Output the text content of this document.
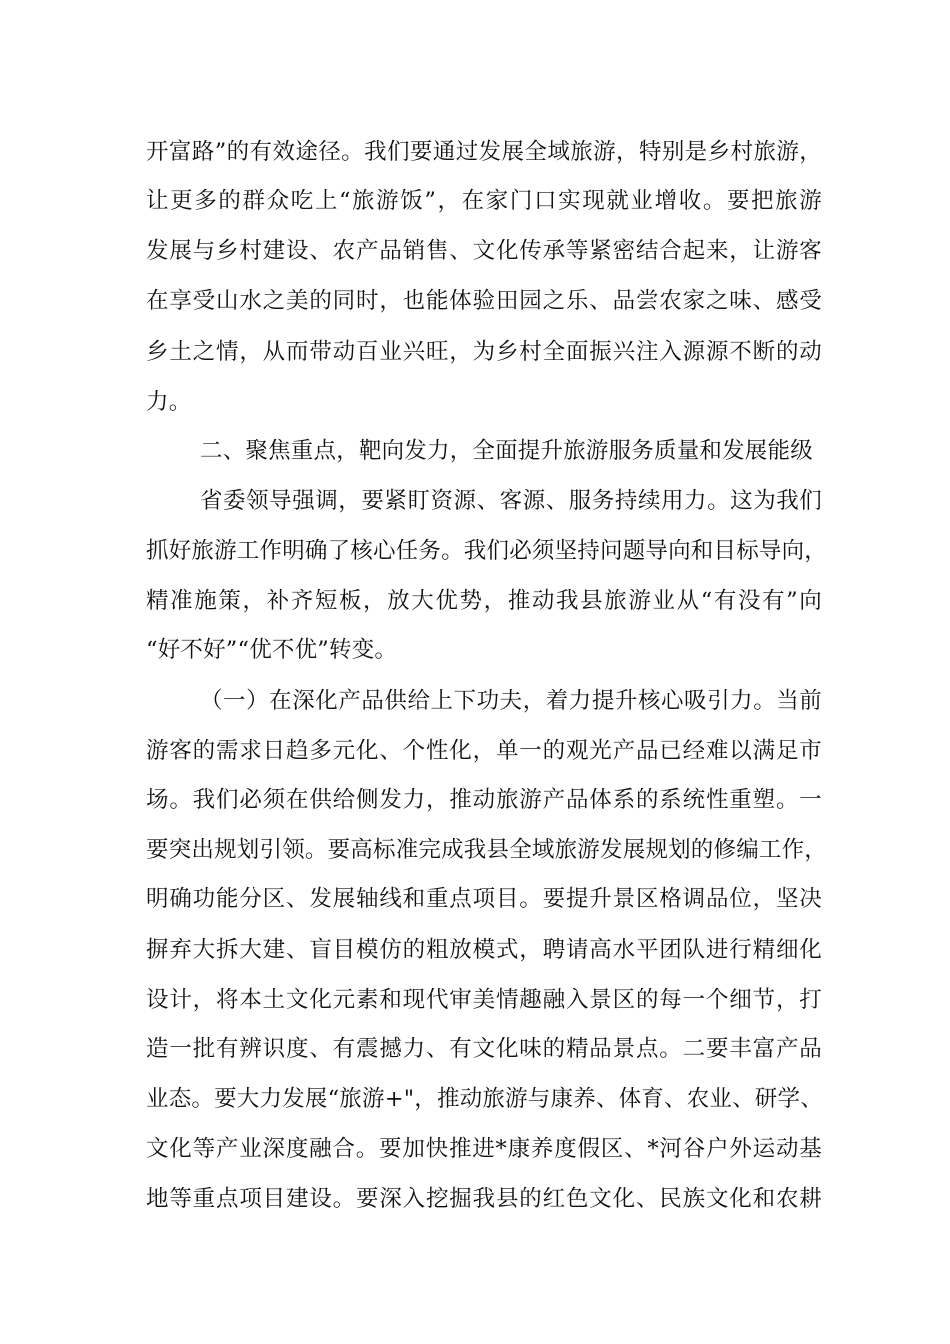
开富路”的有效途径。我们要通过发展全域旅游，特别是乡村旅游，
让更多的群众吃上“旅游饭”，在家门口实现就业增收。要把旅游
发展与乡村建设、农产品销售、文化传承等紧密结合起来，让游客
在享受山水之美的同时，也能体验田园之乐、品尝农家之味、感受
乡土之情，从而带动百业兴旺，为乡村全面振兴注入源源不断的动
力。
二、聚焦重点，靶向发力，全面提升旅游服务质量和发展能级
省委领导强调，要紧盯资源、客源、服务持续用力。这为我们
抓好旅游工作明确了核心任务。我们必须坚持问题导向和目标导向，
精准施策，补齐短板，放大优势，推动我县旅游业从“有没有”向
“好不好”“优不优”转变。
（一）在深化产品供给上下功夫，着力提升核心吸引力。当前
游客的需求日趋多元化、个性化，单一的观光产品已经难以满足市
场。我们必须在供给侧发力，推动旅游产品体系的系统性重塑。一
要突出规划引领。要高标准完成我县全域旅游发展规划的修编工作，
明确功能分区、发展轴线和重点项目。要提升景区格调品位，坚决
摒弃大拆大建、盲目模仿的粗放模式，聘请高水平团队进行精细化
设计，将本土文化元素和现代审美情趣融入景区的每一个细节，打
造一批有辨识度、有震撼力、有文化味的精品景点。二要丰富产品
业态。要大力发展“旅游+"，推动旅游与康养、体育、农业、研学、
文化等产业深度融合。要加快推进*康养度假区、*河谷户外运动基
地等重点项目建设。要深入挖掘我县的红色文化、民族文化和农耕
